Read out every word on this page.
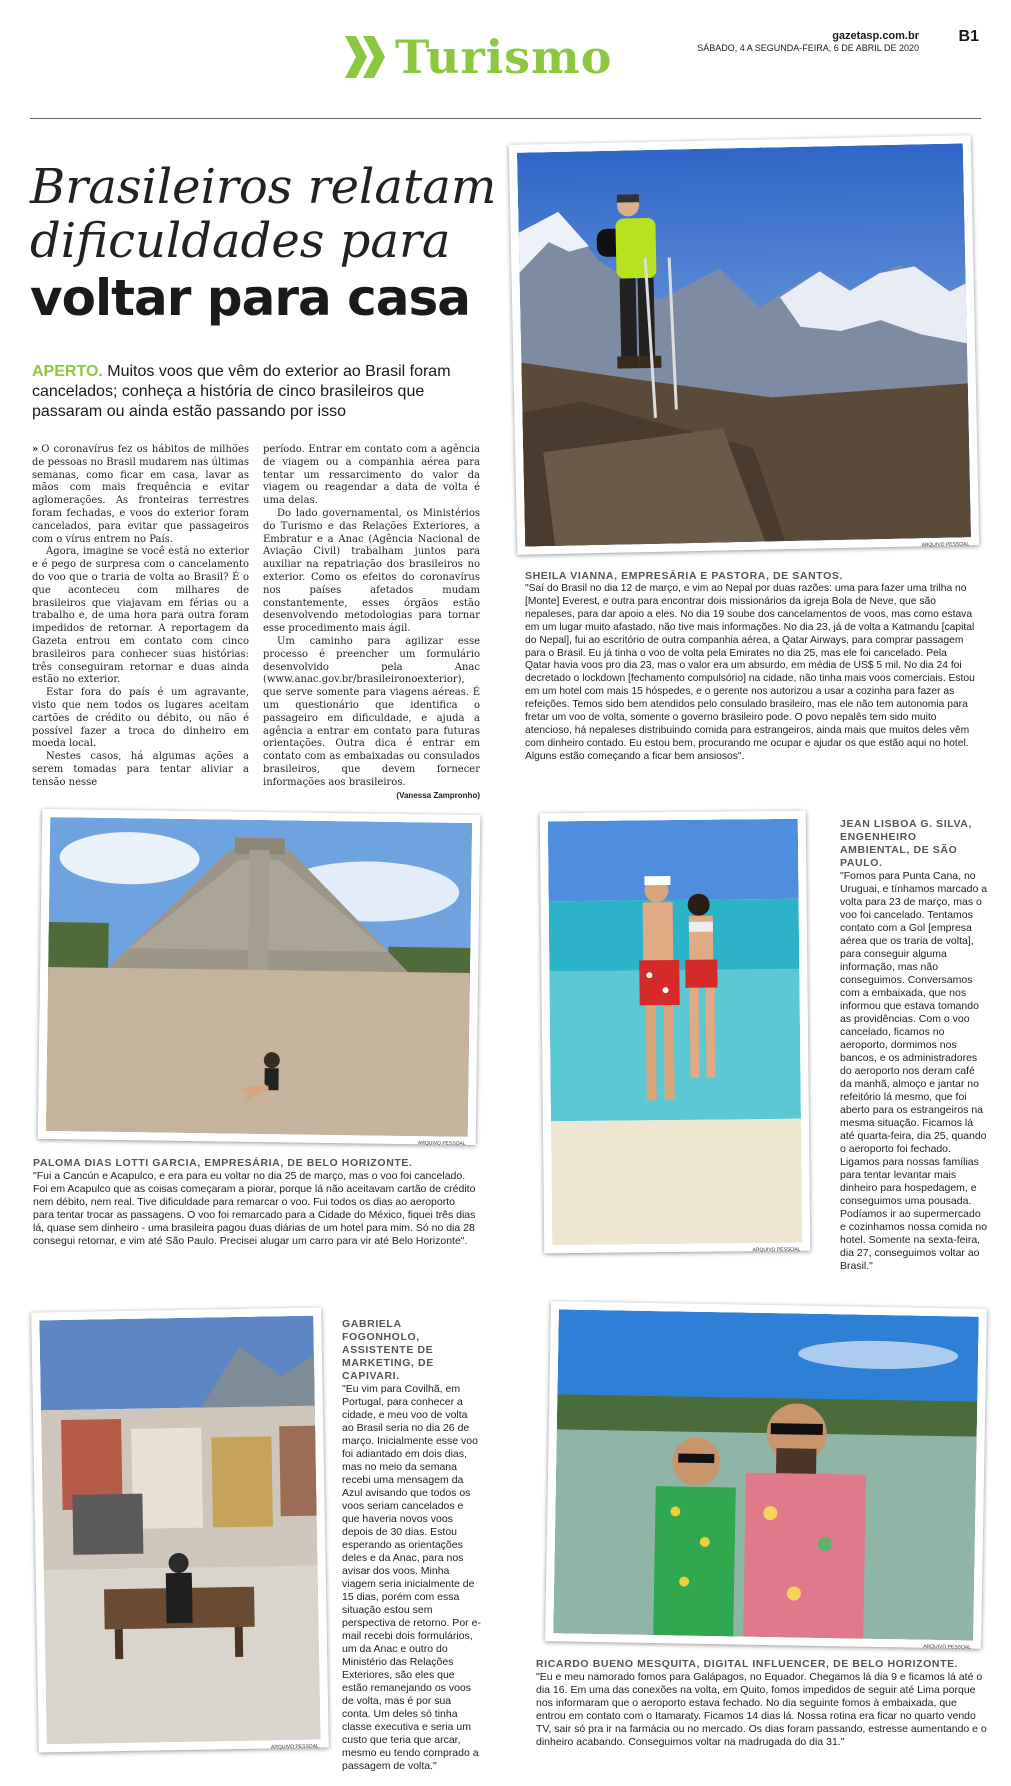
Turismo	gazetasp.com.br
SÁBADO, 4 A SEGUNDA-FEIRA, 6 DE ABRIL DE 2020
B1
Brasileiros relatam
dificuldades para
voltar para casa
APERTO. Muitos voos que vêm do exterior ao Brasil foram cancelados; conheça a história de cinco brasileiros que passaram ou ainda estão passando por isso

» O coronavírus fez os hábitos de milhões de pessoas no Brasil mudarem nas últimas semanas, como ficar em casa, lavar as mãos com mais frequência e evitar aglomerações. As fronteiras terrestres foram fechadas, e voos do exterior foram cancelados, para evitar que passageiros com o vírus entrem no País.

Agora, imagine se você está no exterior e é pego de surpresa com o cancelamento do voo que o traria de volta ao Brasil? É o que aconteceu com milhares de brasileiros que viajavam em férias ou a trabalho e, de uma hora para outra foram impedidos de retornar. A reportagem da Gazeta entrou em contato com cinco brasileiros para conhecer suas histórias: três conseguiram retornar e duas ainda estão no exterior.

Estar fora do país é um agravante, visto que nem todos os lugares aceitam cartões de crédito ou débito, ou não é possível fazer a troca do dinheiro em moeda local.

Nestes casos, há algumas ações a serem tomadas para tentar aliviar a tensão nesse

período. Entrar em contato com a agência de viagem ou a companhia aérea para tentar um ressarcimento do valor da viagem ou reagendar a data de volta é uma delas.

Do lado governamental, os Ministérios do Turismo e das Relações Exteriores, a Embratur e a Anac (Agência Nacional de Aviação Civil) trabalham juntos para auxiliar na repatriação dos brasileiros no exterior. Como os efeitos do coronavírus nos países afetados mudam constantemente, esses órgãos estão desenvolvendo metodologias para tornar esse procedimento mais ágil.

Um caminho para agilizar esse processo é preencher um formulário desenvolvido pela Anac (www.anac.gov.br/brasileironoexterior), que serve somente para viagens aéreas. É um questionário que identifica o passageiro em dificuldade, e ajuda a agência a entrar em contato para futuras orientações. Outra dica é entrar em contato com as embaixadas ou consulados brasileiros, que devem fornecer informações aos brasileiros.

(Vanessa Zampronho)

ARQUIVO PESSOAL
SHEILA VIANNA, EMPRESÁRIA E PASTORA, DE SANTOS.
"Saí do Brasil no dia 12 de março, e vim ao Nepal por duas razões: uma para fazer uma trilha no [Monte] Everest, e outra para encontrar dois missionários da igreja Bola de Neve, que são nepaleses, para dar apoio a eles. No dia 19 soube dos cancelamentos de voos, mas como estava em um lugar muito afastado, não tive mais informações. No dia 23, já de volta a Katmandu [capital do Nepal], fui ao escritório de outra companhia aérea, a Qatar Airways, para comprar passagem para o Brasil. Eu já tinha o voo de volta pela Emirates no dia 25, mas ele foi cancelado. Pela Qatar havia voos pro dia 23, mas o valor era um absurdo, em média de US$ 5 mil. No dia 24 foi decretado o lockdown [fechamento compulsório] na cidade, não tinha mais voos comerciais. Estou em um hotel com mais 15 hóspedes, e o gerente nos autorizou a usar a cozinha para fazer as refeições. Temos sido bem atendidos pelo consulado brasileiro, mas ele não tem autonomia para fretar um voo de volta, somente o governo brasileiro pode. O povo nepalês tem sido muito atencioso, há nepaleses distribuindo comida para estrangeiros, ainda mais que muitos deles vêm com dinheiro contado. Eu estou bem, procurando me ocupar e ajudar os que estão aqui no hotel. Alguns estão começando a ficar bem ansiosos".
ARQUIVO PESSOAL
PALOMA DIAS LOTTI GARCIA, EMPRESÁRIA, DE BELO HORIZONTE.
"Fui a Cancún e Acapulco, e era para eu voltar no dia 25 de março, mas o voo foi cancelado. Foi em Acapulco que as coisas começaram a piorar, porque lá não aceitavam cartão de crédito nem débito, nem real. Tive dificuldade para remarcar o voo. Fui todos os dias ao aeroporto para tentar trocar as passagens. O voo foi remarcado para a Cidade do México, fiquei três dias lá, quase sem dinheiro - uma brasileira pagou duas diárias de um hotel para mim. Só no dia 28 consegui retornar, e vim até São Paulo. Precisei alugar um carro para vir até Belo Horizonte".
ARQUIVO PESSOAL
JEAN LISBOA G. SILVA, ENGENHEIRO AMBIENTAL, DE SÃO PAULO.
"Fomos para Punta Cana, no Uruguai, e tínhamos marcado a volta para 23 de março, mas o voo foi cancelado. Tentamos contato com a Gol [empresa aérea que os traria de volta], para conseguir alguma informação, mas não conseguimos. Conversamos com a embaixada, que nos informou que estava tomando as providências. Com o voo cancelado, ficamos no aeroporto, dormimos nos bancos, e os administradores do aeroporto nos deram café da manhã, almoço e jantar no refeitório lá mesmo, que foi aberto para os estrangeiros na mesma situação. Ficamos lá até quarta-feira, dia 25, quando o aeroporto foi fechado. Ligamos para nossas famílias para tentar levantar mais dinheiro para hospedagem, e conseguimos uma pousada. Podíamos ir ao supermercado e cozinhamos nossa comida no hotel. Somente na sexta-feira, dia 27, conseguimos voltar ao Brasil."
ARQUIVO PESSOAL
GABRIELA FOGONHOLO, ASSISTENTE DE MARKETING, DE CAPIVARI.
"Eu vim para Covilhã, em Portugal, para conhecer a cidade, e meu voo de volta ao Brasil seria no dia 26 de março. Inicialmente esse voo foi adiantado em dois dias, mas no meio da semana recebi uma mensagem da Azul avisando que todos os voos seriam cancelados e que haveria novos voos depois de 30 dias. Estou esperando as orientações deles e da Anac, para nos avisar dos voos. Minha viagem seria inicialmente de 15 dias, porém com essa situação estou sem perspectiva de retorno. Por e-mail recebi dois formulários, um da Anac e outro do Ministério das Relações Exteriores, são eles que estão remanejando os voos de volta, mas é por sua conta. Um deles só tinha classe executiva e seria um custo que teria que arcar, mesmo eu tendo comprado a passagem de volta."
ARQUIVO PESSOAL
RICARDO BUENO MESQUITA, DIGITAL INFLUENCER, DE BELO HORIZONTE.
"Eu e meu namorado fomos para Galápagos, no Equador. Chegamos lá dia 9 e ficamos lá até o dia 16. Em uma das conexões na volta, em Quito, fomos impedidos de seguir até Lima porque nos informaram que o aeroporto estava fechado. No dia seguinte fomos à embaixada, que entrou em contato com o Itamaraty. Ficamos 14 dias lá. Nossa rotina era ficar no quarto vendo TV, sair só pra ir na farmácia ou no mercado. Os dias foram passando, estresse aumentando e o dinheiro acabando. Conseguimos voltar na madrugada do dia 31."
